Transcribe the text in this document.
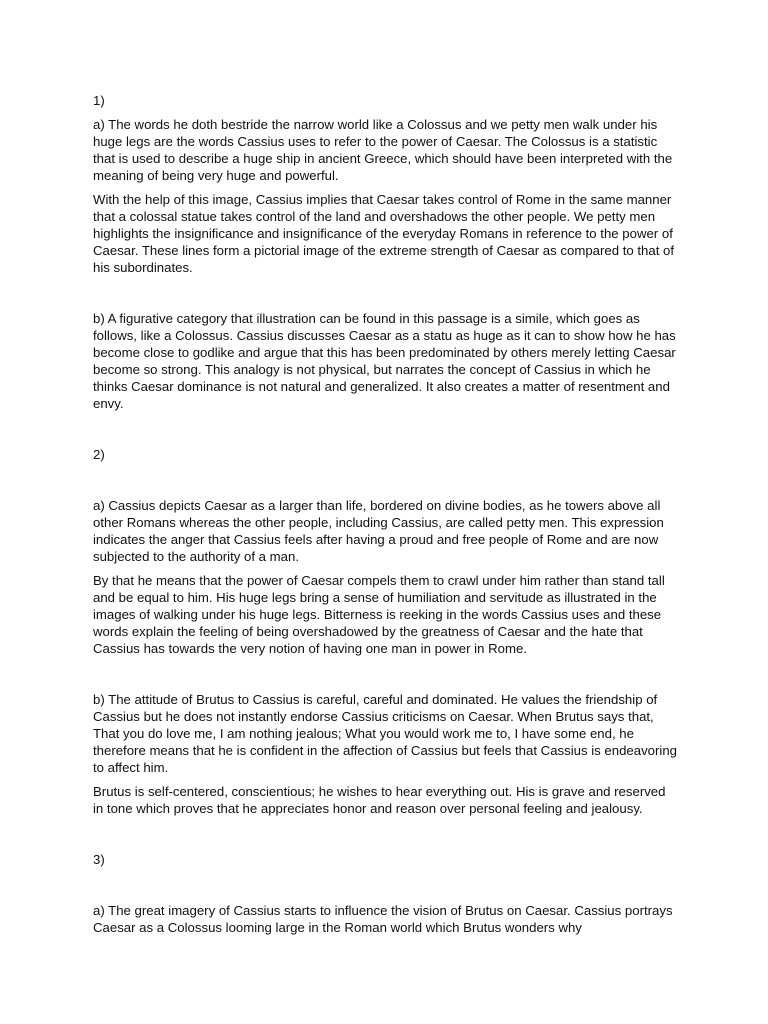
1)

a) The words he doth bestride the narrow world like a Colossus and we petty men walk under his huge legs are the words Cassius uses to refer to the power of Caesar. The Colossus is a statistic that is used to describe a huge ship in ancient Greece, which should have been interpreted with the meaning of being very huge and powerful.

With the help of this image, Cassius implies that Caesar takes control of Rome in the same manner that a colossal statue takes control of the land and overshadows the other people. We petty men highlights the insignificance and insignificance of the everyday Romans in reference to the power of Caesar. These lines form a pictorial image of the extreme strength of Caesar as compared to that of his subordinates.

b) A figurative category that illustration can be found in this passage is a simile, which goes as follows, like a Colossus. Cassius discusses Caesar as a statu as huge as it can to show how he has become close to godlike and argue that this has been predominated by others merely letting Caesar become so strong. This analogy is not physical, but narrates the concept of Cassius in which he thinks Caesar dominance is not natural and generalized. It also creates a matter of resentment and envy.

2)

a) Cassius depicts Caesar as a larger than life, bordered on divine bodies, as he towers above all other Romans whereas the other people, including Cassius, are called petty men. This expression indicates the anger that Cassius feels after having a proud and free people of Rome and are now subjected to the authority of a man.

By that he means that the power of Caesar compels them to crawl under him rather than stand tall and be equal to him. His huge legs bring a sense of humiliation and servitude as illustrated in the images of walking under his huge legs. Bitterness is reeking in the words Cassius uses and these words explain the feeling of being overshadowed by the greatness of Caesar and the hate that Cassius has towards the very notion of having one man in power in Rome.

b) The attitude of Brutus to Cassius is careful, careful and dominated. He values the friendship of Cassius but he does not instantly endorse Cassius criticisms on Caesar. When Brutus says that, That you do love me, I am nothing jealous; What you would work me to, I have some end, he therefore means that he is confident in the affection of Cassius but feels that Cassius is endeavoring to affect him.

Brutus is self-centered, conscientious; he wishes to hear everything out. His is grave and reserved in tone which proves that he appreciates honor and reason over personal feeling and jealousy.

3)

a) The great imagery of Cassius starts to influence the vision of Brutus on Caesar. Cassius portrays Caesar as a Colossus looming large in the Roman world which Brutus wonders why
